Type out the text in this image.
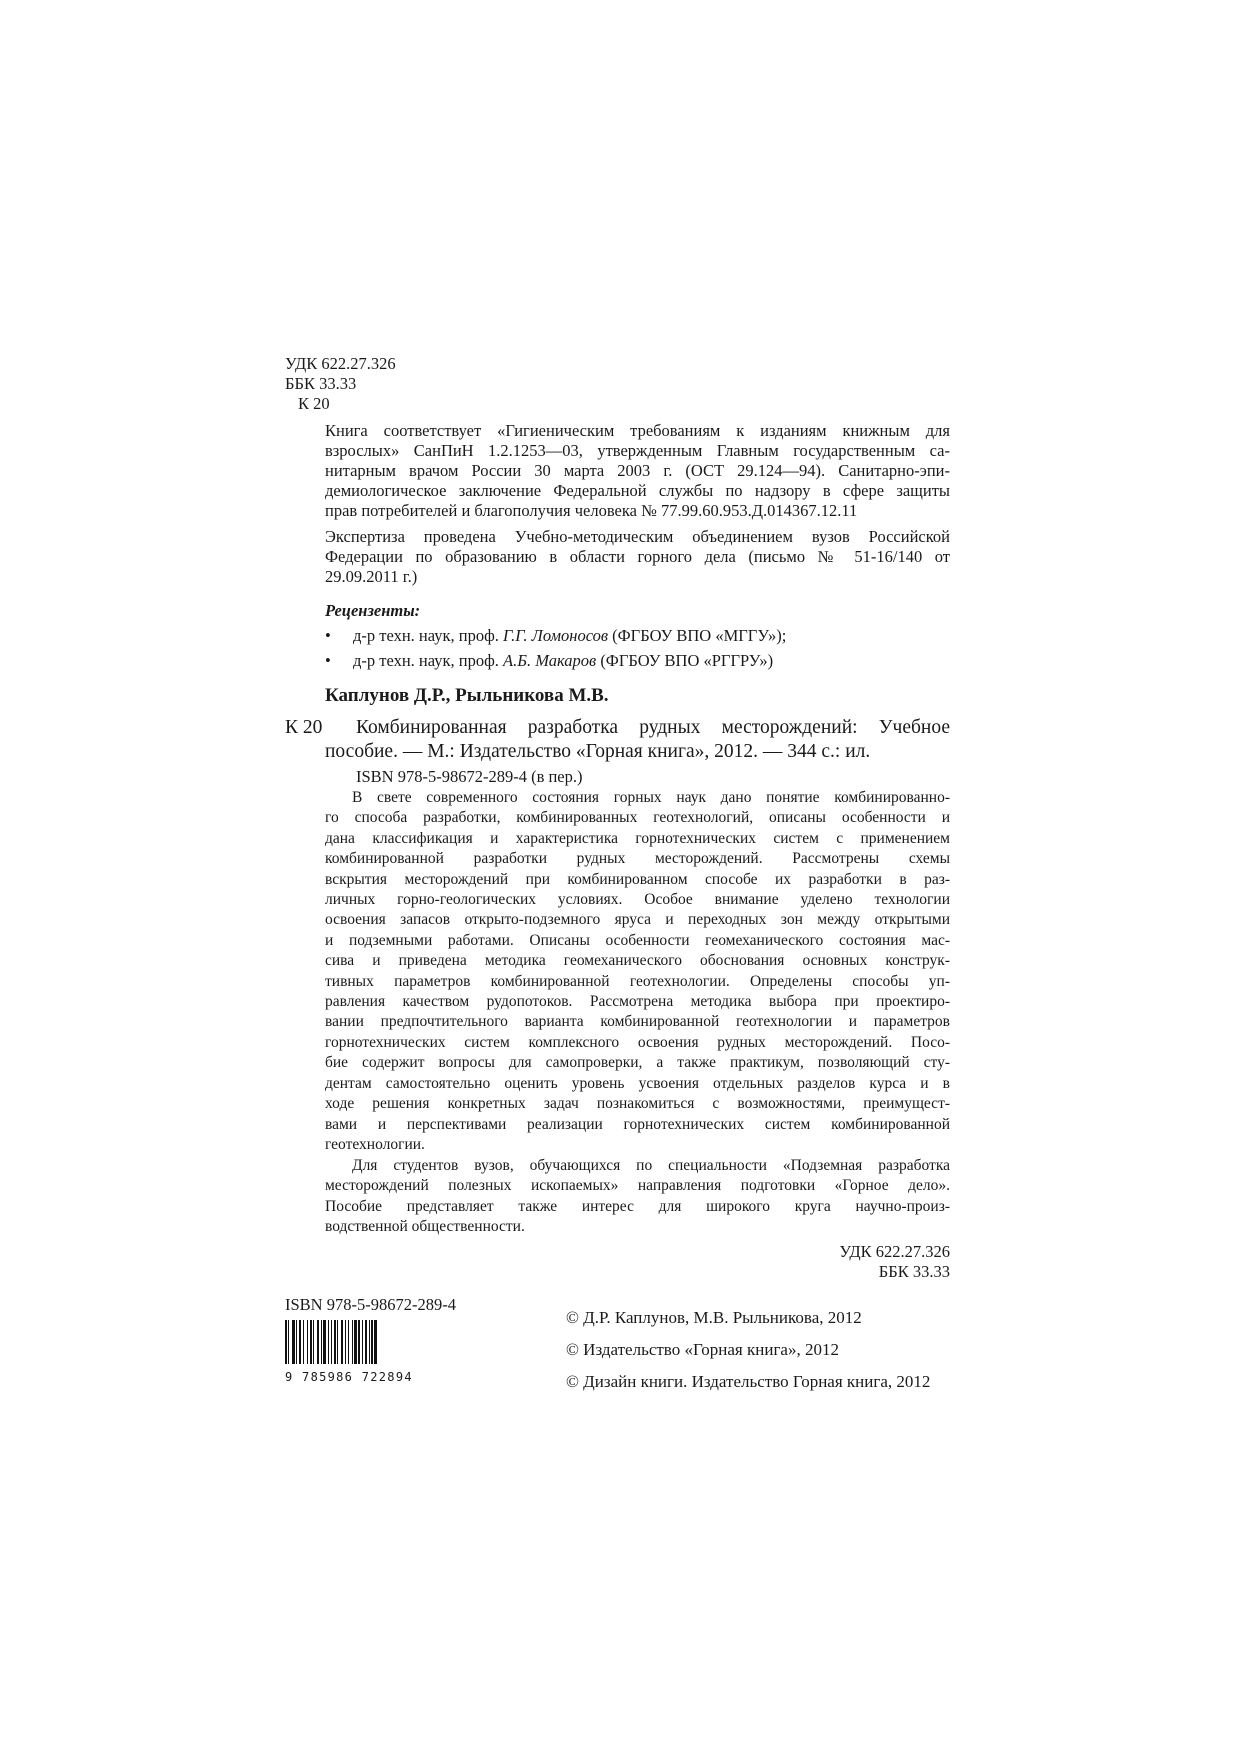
УДК 622.27.326
ББК 33.33
К 20
Книга соответствует «Гигиеническим требованиям к изданиям книжным для
взрослых» СанПиН 1.2.1253—03, утвержденным Главным государственным са-
нитарным врачом России 30 марта 2003 г. (ОСТ 29.124—94). Санитарно-эпи-
демиологическое заключение Федеральной службы по надзору в сфере защиты
прав потребителей и благополучия человека № 77.99.60.953.Д.014367.12.11
Экспертиза проведена Учебно-методическим объединением вузов Российской
Федерации по образованию в области горного дела (письмо № 51-16/140 от
29.09.2011 г.)
Рецензенты:
• д-р техн. наук, проф. Г.Г. Ломоносов (ФГБОУ ВПО «МГГУ»);
• д-р техн. наук, проф. А.Б. Макаров (ФГБОУ ВПО «РГГРУ»)
Каплунов Д.Р., Рыльникова М.В.
К 20 Комбинированная разработка рудных месторождений: Учебное
пособие. — М.: Издательство «Горная книга», 2012. — 344 с.: ил.
ISBN 978-5-98672-289-4 (в пер.)
В свете современного состояния горных наук дано понятие комбинированно-
го способа разработки, комбинированных геотехнологий, описаны особенности и
дана классификация и характеристика горнотехнических систем с применением
комбинированной разработки рудных месторождений. Рассмотрены схемы
вскрытия месторождений при комбинированном способе их разработки в раз-
личных горно-геологических условиях. Особое внимание уделено технологии
освоения запасов открыто-подземного яруса и переходных зон между открытыми
и подземными работами. Описаны особенности геомеханического состояния мас-
сива и приведена методика геомеханического обоснования основных конструк-
тивных параметров комбинированной геотехнологии. Определены способы уп-
равления качеством рудопотоков. Рассмотрена методика выбора при проектиро-
вании предпочтительного варианта комбинированной геотехнологии и параметров
горнотехнических систем комплексного освоения рудных месторождений. Посо-
бие содержит вопросы для самопроверки, а также практикум, позволяющий сту-
дентам самостоятельно оценить уровень усвоения отдельных разделов курса и в
ходе решения конкретных задач познакомиться с возможностями, преимущест-
вами и перспективами реализации горнотехнических систем комбинированной
геотехнологии.
Для студентов вузов, обучающихся по специальности «Подземная разработка
месторождений полезных ископаемых» направления подготовки «Горное дело».
Пособие представляет также интерес для широкого круга научно-произ-
водственной общественности.
УДК 622.27.326
ББК 33.33
ISBN 978-5-98672-289-4
9 785986 722894
© Д.Р. Каплунов, М.В. Рыльникова, 2012
© Издательство «Горная книга», 2012
© Дизайн книги. Издательство Горная книга, 2012
